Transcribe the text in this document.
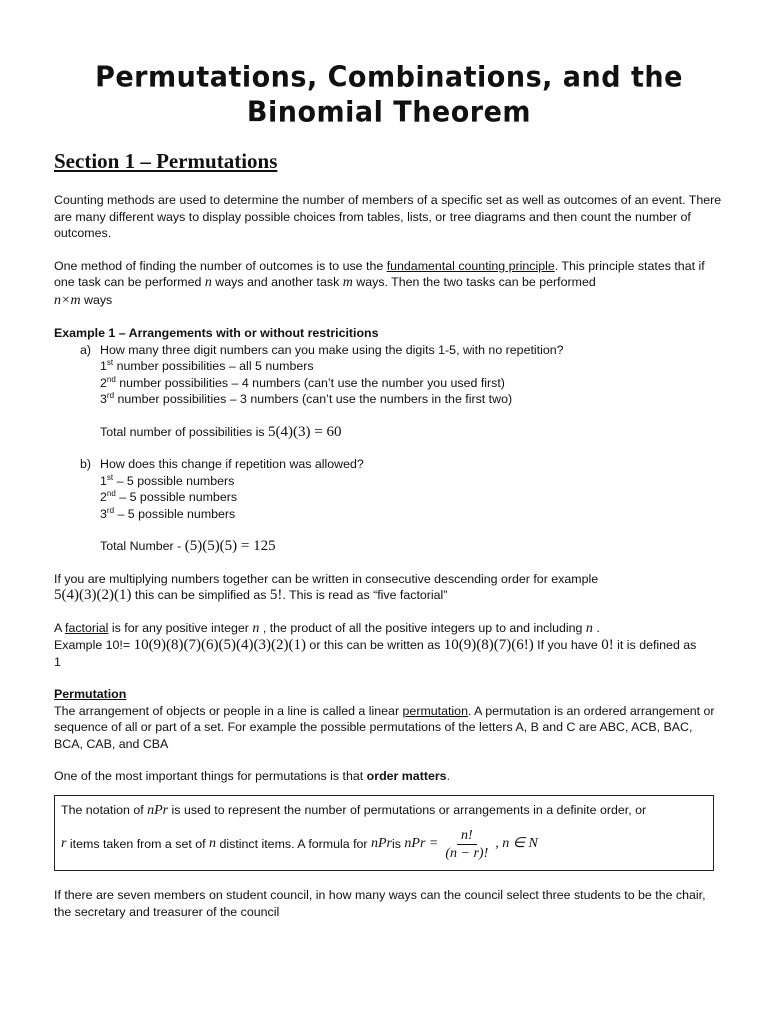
Permutations, Combinations, and the
Binomial Theorem
Section 1 – Permutations

Counting methods are used to determine the number of members of a specific set as well as outcomes of an event. There are many different ways to display possible choices from tables, lists, or tree diagrams and then count the number of outcomes.

One method of finding the number of outcomes is to use the fundamental counting principle. This principle states that if one task can be performed n ways and another task m ways. Then the two tasks can be performed
n×m ways

Example 1 – Arrangements with or without restricitions

a) How many three digit numbers can you make using the digits 1-5, with no repetition?

1st number possibilities – all 5 numbers

2nd number possibilities – 4 numbers (can’t use the number you used first)

3rd number possibilities – 3 numbers (can’t use the numbers in the first two)

Total number of possibilities is 5(4)(3) = 60

b) How does this change if repetition was allowed?

1st – 5 possible numbers

2nd – 5 possible numbers

3rd – 5 possible numbers

Total Number - (5)(5)(5) = 125

If you are multiplying numbers together can be written in consecutive descending order for example
5(4)(3)(2)(1) this can be simplified as 5!. This is read as “five factorial”

A factorial is for any positive integer n , the product of all the positive integers up to and including n .
Example 10!= 10(9)(8)(7)(6)(5)(4)(3)(2)(1) or this can be written as 10(9)(8)(7)(6!) If you have 0! it is defined as
1

Permutation

The arrangement of objects or people in a line is called a linear permutation. A permutation is an ordered arrangement or sequence of all or part of a set. For example the possible permutations of the letters A, B and C are ABC, ACB, BAC, BCA, CAB, and CBA

One of the most important things for permutations is that order matters.

The notation of nPr is used to represent the number of permutations or arrangements in a definite order, or

r
items taken from a set of
n
distinct items. A formula for
nPr is
nPr = $\frac{n!}{(n - r)!}$ , n ∈ N

If there are seven members on student council, in how many ways can the council select three students to be the chair, the secretary and treasurer of the council
